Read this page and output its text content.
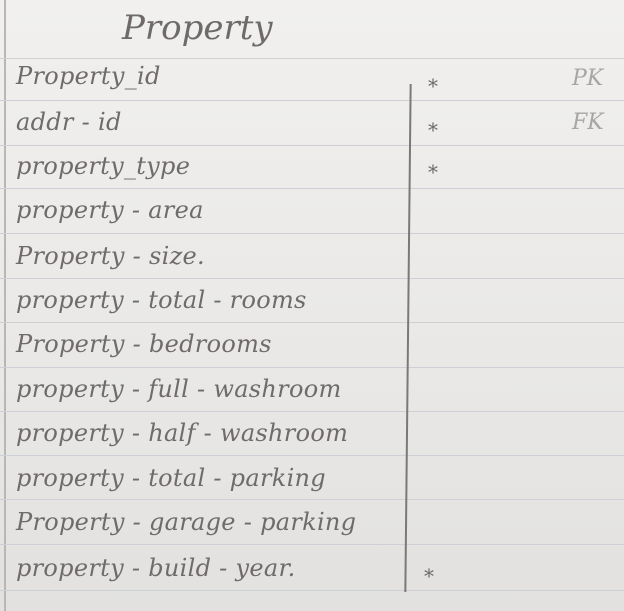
Property
Property_id
addr - id
property_type
property - area
Property - size.
property - total - rooms
Property - bedrooms
property - full - washroom
property - half - washroom
property - total - parking
Property - garage - parking
property - build - year.
*
*
*
*
PK
FK
